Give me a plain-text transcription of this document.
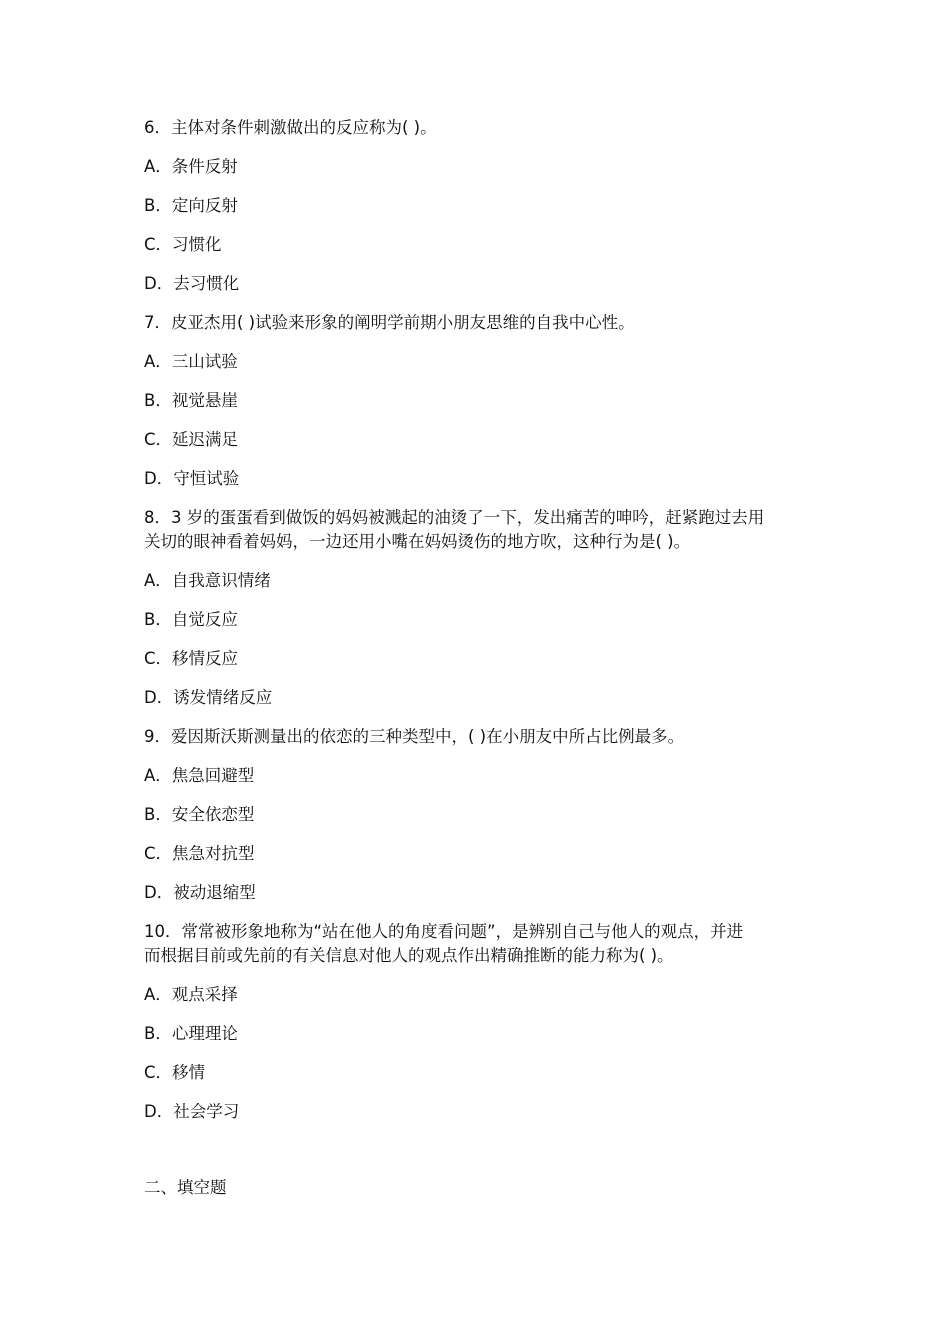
6．主体对条件刺激做出的反应称为( )。
A．条件反射
B．定向反射
C．习惯化
D．去习惯化
7．皮亚杰用( )试验来形象的阐明学前期小朋友思维的自我中心性。
A．三山试验
B．视觉悬崖
C．延迟满足
D．守恒试验
8．3 岁的蛋蛋看到做饭的妈妈被溅起的油烫了一下，发出痛苦的呻吟，赶紧跑过去用
关切的眼神看着妈妈，一边还用小嘴在妈妈烫伤的地方吹，这种行为是( )。
A．自我意识情绪
B．自觉反应
C．移情反应
D．诱发情绪反应
9．爱因斯沃斯测量出的依恋的三种类型中，( )在小朋友中所占比例最多。
A．焦急回避型
B．安全依恋型
C．焦急对抗型
D．被动退缩型
10．常常被形象地称为“站在他人的角度看问题”，是辨别自己与他人的观点，并进
而根据目前或先前的有关信息对他人的观点作出精确推断的能力称为( )。
A．观点采择
B．心理理论
C．移情
D．社会学习
二、填空题
